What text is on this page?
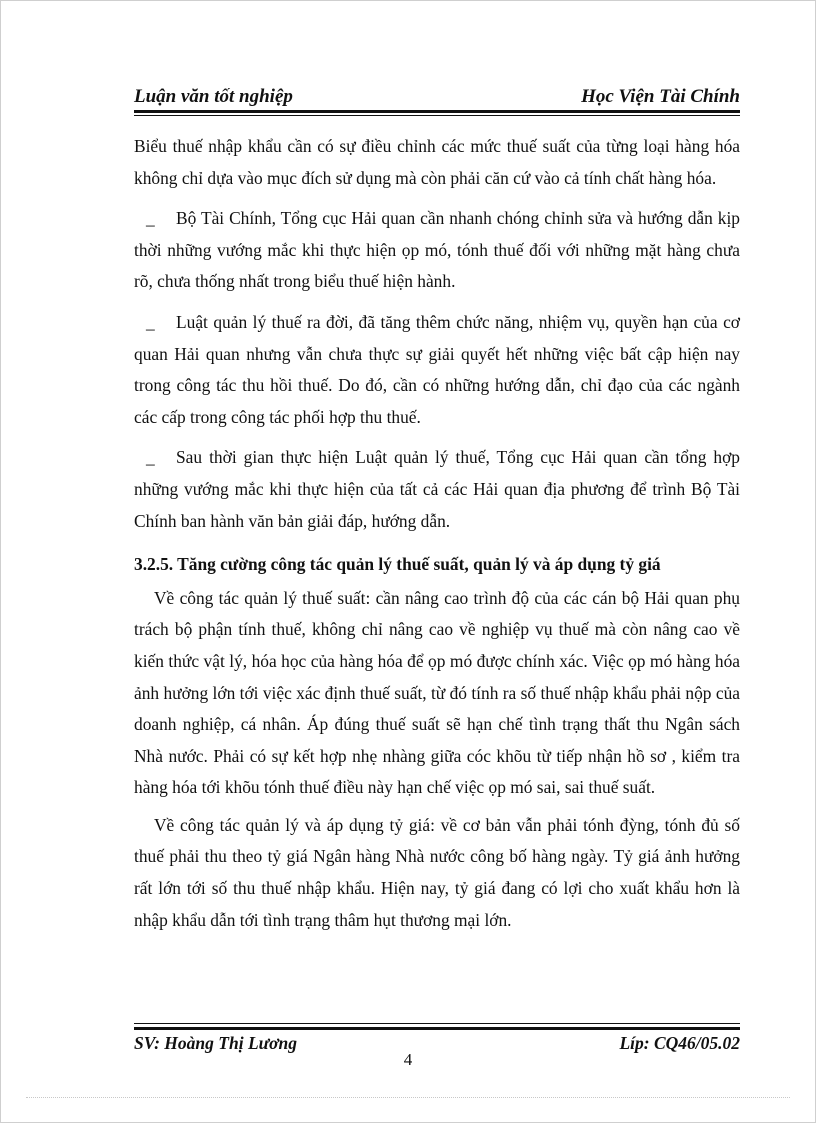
Luận văn tốt nghiệp	Học Viện Tài Chính

Biểu thuế nhập khẩu cần có sự điều chỉnh các mức thuế suất của từng loại hàng hóa không chỉ dựa vào mục đích sử dụng mà còn phải căn cứ vào cả tính chất hàng hóa.

_ Bộ Tài Chính, Tổng cục Hải quan cần nhanh chóng chỉnh sửa và hướng dẫn kịp thời những vướng mắc khi thực hiện ọp mó, tónh thuế đối với những mặt hàng chưa rõ, chưa thống nhất trong biểu thuế hiện hành.

_ Luật quản lý thuế ra đời, đã tăng thêm chức năng, nhiệm vụ, quyền hạn của cơ quan Hải quan nhưng vẫn chưa thực sự giải quyết hết những việc bất cập hiện nay trong công tác thu hồi thuế. Do đó, cần có những hướng dẫn, chỉ đạo của các ngành các cấp trong công tác phối hợp thu thuế.

_ Sau thời gian thực hiện Luật quản lý thuế, Tổng cục Hải quan cần tổng hợp những vướng mắc khi thực hiện của tất cả các Hải quan địa phương để trình Bộ Tài Chính ban hành văn bản giải đáp, hướng dẫn.

3.2.5. Tăng cường công tác quản lý thuế suất, quản lý và áp dụng tỷ giá

Về công tác quản lý thuế suất: cần nâng cao trình độ của các cán bộ Hải quan phụ trách bộ phận tính thuế, không chỉ nâng cao về nghiệp vụ thuế mà còn nâng cao về kiến thức vật lý, hóa học của hàng hóa để ọp mó được chính xác. Việc ọp mó hàng hóa ảnh hưởng lớn tới việc xác định thuế suất, từ đó tính ra số thuế nhập khẩu phải nộp của doanh nghiệp, cá nhân. Áp đúng thuế suất sẽ hạn chế tình trạng thất thu Ngân sách Nhà nước. Phải có sự kết hợp nhẹ nhàng giữa cóc khõu từ tiếp nhận hồ sơ , kiểm tra hàng hóa tới khõu tónh thuế điều này hạn chế việc ọp mó sai, sai thuế suất.

Về công tác quản lý và áp dụng tỷ giá: về cơ bản vẫn phải tónh đỳng, tónh đủ số thuế phải thu theo tỷ giá Ngân hàng Nhà nước công bố hàng ngày. Tỷ giá ảnh hưởng rất lớn tới số thu thuế nhập khẩu. Hiện nay, tỷ giá đang có lợi cho xuất khẩu hơn là nhập khẩu dẫn tới tình trạng thâm hụt thương mại lớn.

SV: Hoàng Thị Lương	Líp: CQ46/05.02
4
